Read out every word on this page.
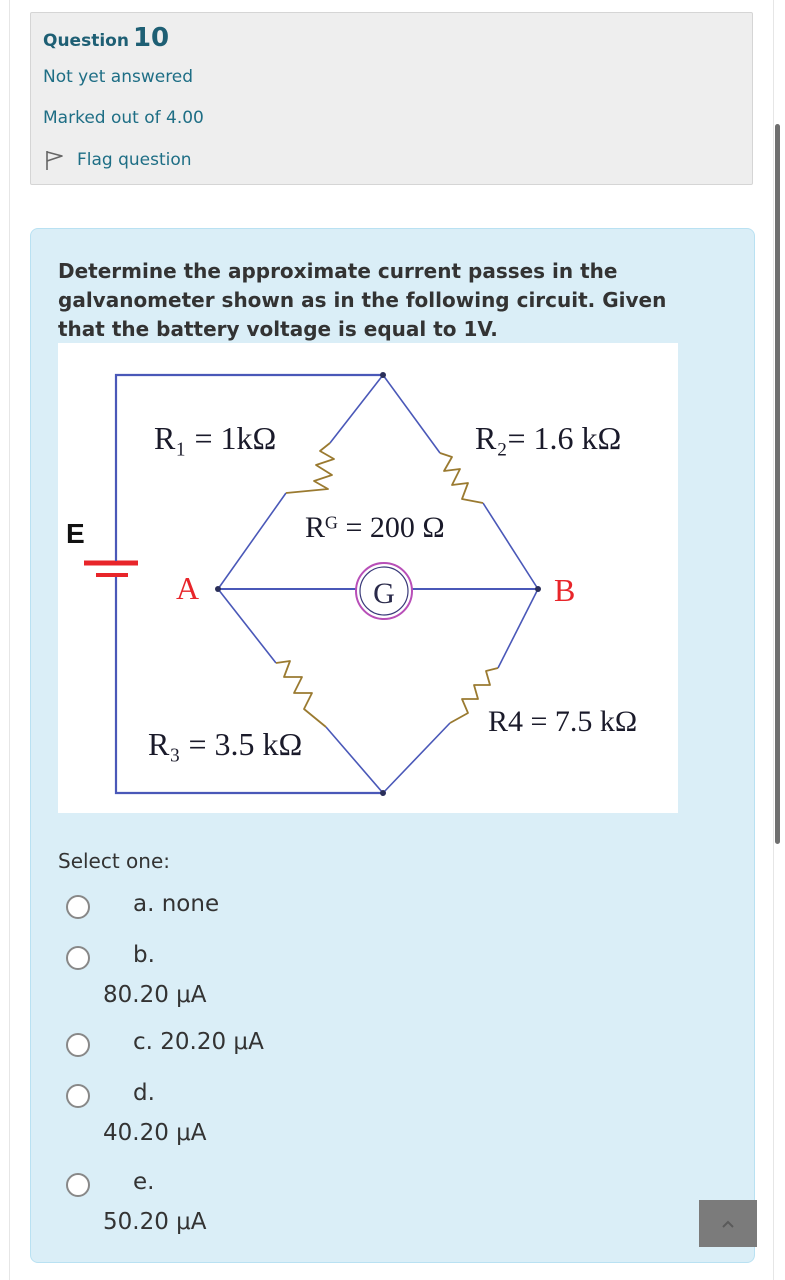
Question 10
Not yet answered
Marked out of 4.00
Flag question
Determine the approximate current passes in the galvanometer shown as in the following circuit. Given that the battery voltage is equal to 1V.
G
E
R₁ = 1kΩ	R₂= 1.6 kΩ
Rᴳ = 200 Ω
R₃ = 3.5 kΩ
R4 = 7.5 kΩ
A	B
Select one:
a. none
b.
80.20 μA
c. 20.20 μA
d.
40.20 μA
e.
50.20 μA
